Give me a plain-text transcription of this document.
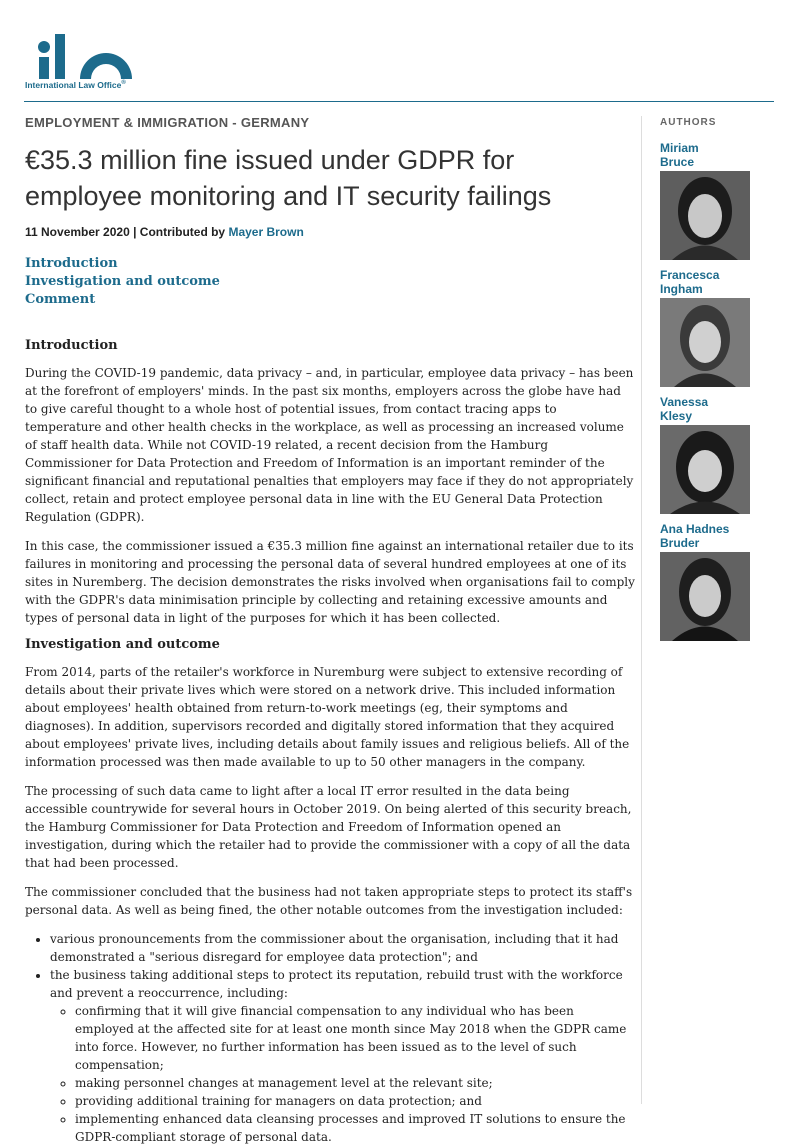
International Law Office®

EMPLOYMENT & IMMIGRATION - GERMANY

€35.3 million fine issued under GDPR for
employee monitoring and IT security failings
11 November 2020 | Contributed by Mayer Brown
Introduction
Investigation and outcome
Comment
Introduction

During the COVID-19 pandemic, data privacy – and, in particular, employee data privacy – has been at the forefront of employers' minds. In the past six months, employers across the globe have had to give careful thought to a whole host of potential issues, from contact tracing apps to temperature and other health checks in the workplace, as well as processing an increased volume of staff health data. While not COVID-19 related, a recent decision from the Hamburg Commissioner for Data Protection and Freedom of Information is an important reminder of the significant financial and reputational penalties that employers may face if they do not appropriately collect, retain and protect employee personal data in line with the EU General Data Protection Regulation (GDPR).

In this case, the commissioner issued a €35.3 million fine against an international retailer due to its failures in monitoring and processing the personal data of several hundred employees at one of its sites in Nuremberg. The decision demonstrates the risks involved when organisations fail to comply with the GDPR's data minimisation principle by collecting and retaining excessive amounts and types of personal data in light of the purposes for which it has been collected.

Investigation and outcome

From 2014, parts of the retailer's workforce in Nuremburg were subject to extensive recording of details about their private lives which were stored on a network drive. This included information about employees' health obtained from return-to-work meetings (eg, their symptoms and diagnoses). In addition, supervisors recorded and digitally stored information that they acquired about employees' private lives, including details about family issues and religious beliefs. All of the information processed was then made available to up to 50 other managers in the company.

The processing of such data came to light after a local IT error resulted in the data being accessible countrywide for several hours in October 2019. On being alerted of this security breach, the Hamburg Commissioner for Data Protection and Freedom of Information opened an investigation, during which the retailer had to provide the commissioner with a copy of all the data that had been processed.

The commissioner concluded that the business had not taken appropriate steps to protect its staff's personal data. As well as being fined, the other notable outcomes from the investigation included:

• various pronouncements from the commissioner about the organisation, including that it had demonstrated a "serious disregard for employee data protection"; and
• the business taking additional steps to protect its reputation, rebuild trust with the workforce and prevent a reoccurrence, including:
◦ confirming that it will give financial compensation to any individual who has been employed at the affected site for at least one month since May 2018 when the GDPR came into force. However, no further information has been issued as to the level of such compensation;
◦ making personnel changes at management level at the relevant site;
◦ providing additional training for managers on data protection; and
◦ implementing enhanced data cleansing processes and improved IT solutions to ensure the GDPR-compliant storage of personal data.
AUTHORS
Miriam
Bruce
Francesca
Ingham
Vanessa
Klesy
Ana Hadnes
Bruder
